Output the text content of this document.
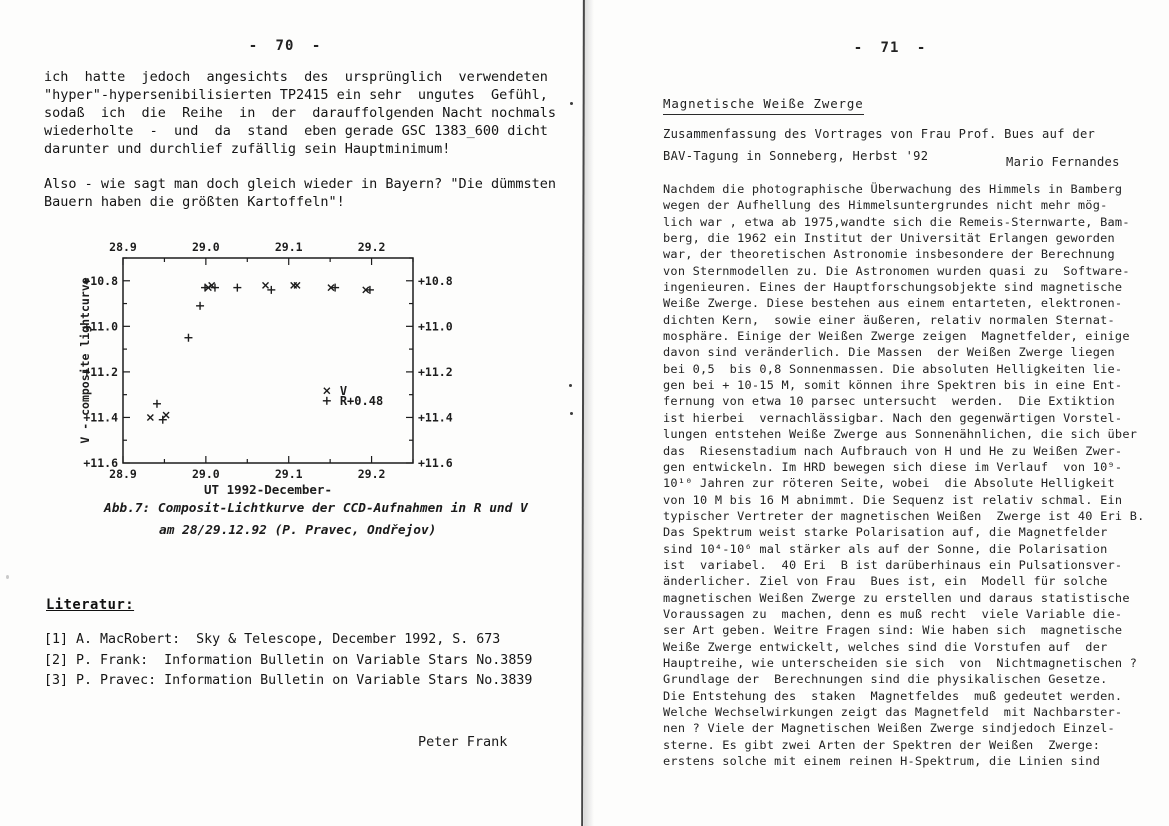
- 70 -
ich  hatte  jedoch  angesichts  des  ursprünglich  verwendeten
"hyper"-hypersenibilisierten TP2415 ein sehr  ungutes  Gefühl,
sodaß  ich  die  Reihe  in  der  darauffolgenden Nacht nochmals
wiederholte  -  und  da  stand  eben gerade GSC 1383_600 dicht
darunter und durchlief zufällig sein Hauptminimum!
Also - wie sagt man doch gleich wieder in Bayern? "Die dümmsten
Bauern haben die größten Kartoffeln"!
28.9
28.9
29.0
29.0
29.1
29.1
29.2
29.2
+10.8	+10.8
+11.0	+11.0
+11.2	+11.2
+11.4	+11.4
+11.6	+11.6
V
R+0.48
UT 1992-December-
V - composite lightcurve
Abb.7: Composit-Lichtkurve der CCD-Aufnahmen in R und V
am 28/29.12.92 (P. Pravec, Ondřejov)
Literatur:
[1] A. MacRobert:  Sky & Telescope, December 1992, S. 673
[2] P. Frank:  Information Bulletin on Variable Stars No.3859
[3] P. Pravec: Information Bulletin on Variable Stars No.3839
Peter Frank
- 71 -
Magnetische Weiße Zwerge
Zusammenfassung des Vortrages von Frau Prof. Bues auf der
BAV-Tagung in Sonneberg, Herbst '92	Mario Fernandes
Nachdem die photographische Überwachung des Himmels in Bamberg
wegen der Aufhellung des Himmelsuntergrundes nicht mehr mög-
lich war , etwa ab 1975,wandte sich die Remeis-Sternwarte, Bam-
berg, die 1962 ein Institut der Universität Erlangen geworden
war, der theoretischen Astronomie insbesondere der Berechnung
von Sternmodellen zu. Die Astronomen wurden quasi zu  Software-
ingenieuren. Eines der Hauptforschungsobjekte sind magnetische
Weiße Zwerge. Diese bestehen aus einem entarteten, elektronen-
dichten Kern,  sowie einer äußeren, relativ normalen Sternat-
mosphäre. Einige der Weißen Zwerge zeigen  Magnetfelder, einige
davon sind veränderlich. Die Massen  der Weißen Zwerge liegen
bei 0,5  bis 0,8 Sonnenmassen. Die absoluten Helligkeiten lie-
gen bei + 10-15 M, somit können ihre Spektren bis in eine Ent-
fernung von etwa 10 parsec untersucht  werden.  Die Extiktion
ist hierbei  vernachlässigbar. Nach den gegenwärtigen Vorstel-
lungen entstehen Weiße Zwerge aus Sonnenähnlichen, die sich über
das  Riesenstadium nach Aufbrauch von H und He zu Weißen Zwer-
gen entwickeln. Im HRD bewegen sich diese im Verlauf  von 10⁹-
10¹⁰ Jahren zur röteren Seite, wobei  die Absolute Helligkeit
von 10 M bis 16 M abnimmt. Die Sequenz ist relativ schmal. Ein
typischer Vertreter der magnetischen Weißen  Zwerge ist 40 Eri B.
Das Spektrum weist starke Polarisation auf, die Magnetfelder
sind 10⁴-10⁶ mal stärker als auf der Sonne, die Polarisation
ist  variabel.  40 Eri  B ist darüberhinaus ein Pulsationsver-
änderlicher. Ziel von Frau  Bues ist, ein  Modell für solche
magnetischen Weißen Zwerge zu erstellen und daraus statistische
Voraussagen zu  machen, denn es muß recht  viele Variable die-
ser Art geben. Weitre Fragen sind: Wie haben sich  magnetische
Weiße Zwerge entwickelt, welches sind die Vorstufen auf  der
Hauptreihe, wie unterscheiden sie sich  von  Nichtmagnetischen ?
Grundlage der  Berechnungen sind die physikalischen Gesetze.
Die Entstehung des  staken  Magnetfeldes  muß gedeutet werden.
Welche Wechselwirkungen zeigt das Magnetfeld  mit Nachbarster-
nen ? Viele der Magnetischen Weißen Zwerge sindjedoch Einzel-
sterne. Es gibt zwei Arten der Spektren der Weißen  Zwerge:
erstens solche mit einem reinen H-Spektrum, die Linien sind
